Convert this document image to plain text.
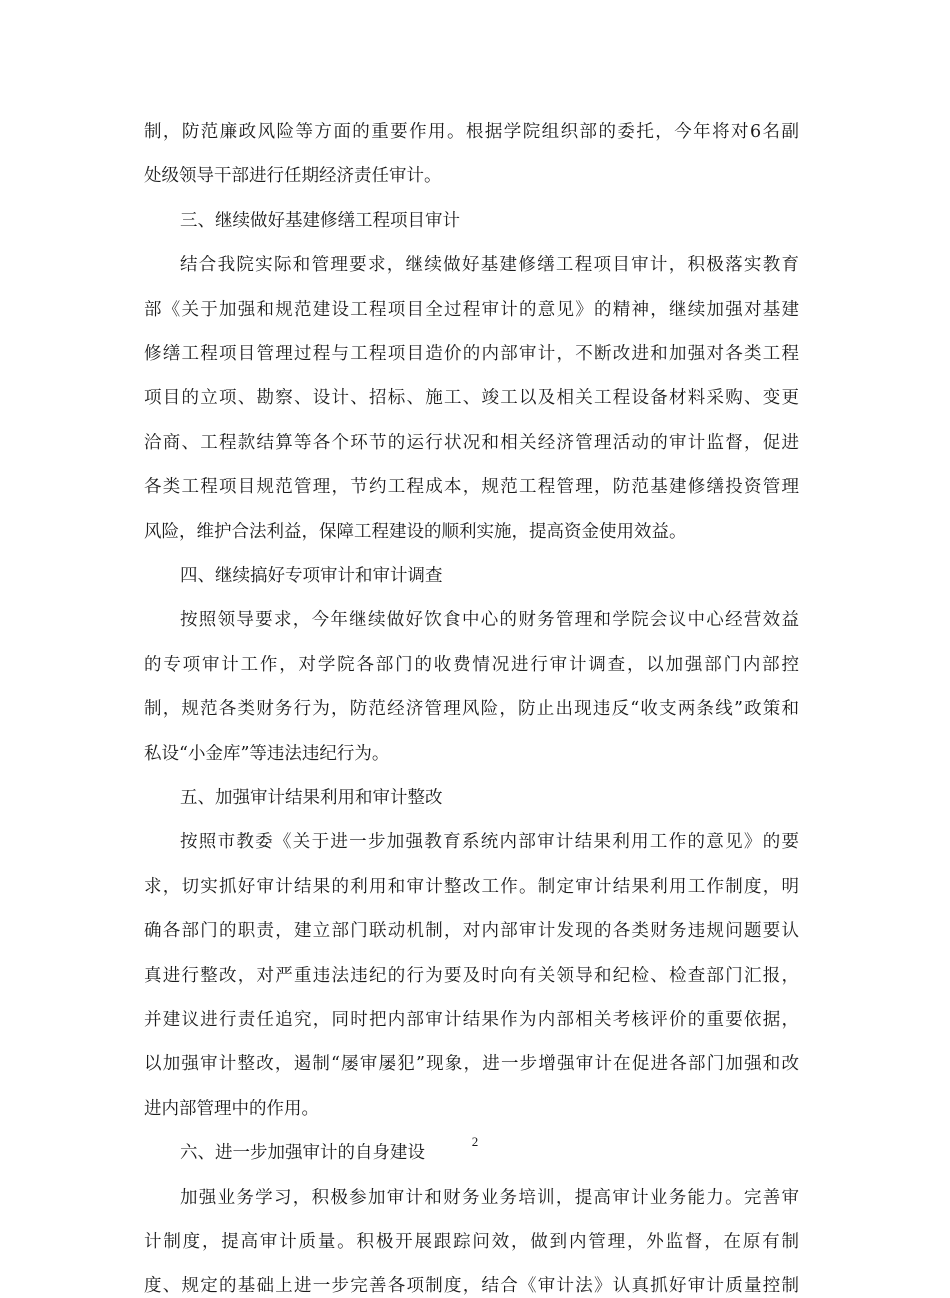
制，防范廉政风险等方面的重要作用。根据学院组织部的委托，今年将对6名副
处级领导干部进行任期经济责任审计。
三、继续做好基建修缮工程项目审计
结合我院实际和管理要求，继续做好基建修缮工程项目审计，积极落实教育
部《关于加强和规范建设工程项目全过程审计的意见》的精神，继续加强对基建
修缮工程项目管理过程与工程项目造价的内部审计，不断改进和加强对各类工程
项目的立项、勘察、设计、招标、施工、竣工以及相关工程设备材料采购、变更
洽商、工程款结算等各个环节的运行状况和相关经济管理活动的审计监督，促进
各类工程项目规范管理，节约工程成本，规范工程管理，防范基建修缮投资管理
风险，维护合法利益，保障工程建设的顺利实施，提高资金使用效益。
四、继续搞好专项审计和审计调查
按照领导要求，今年继续做好饮食中心的财务管理和学院会议中心经营效益
的专项审计工作，对学院各部门的收费情况进行审计调查，以加强部门内部控
制，规范各类财务行为，防范经济管理风险，防止出现违反“收支两条线”政策和
私设“小金库”等违法违纪行为。
五、加强审计结果利用和审计整改
按照市教委《关于进一步加强教育系统内部审计结果利用工作的意见》的要
求，切实抓好审计结果的利用和审计整改工作。制定审计结果利用工作制度，明
确各部门的职责，建立部门联动机制，对内部审计发现的各类财务违规问题要认
真进行整改，对严重违法违纪的行为要及时向有关领导和纪检、检查部门汇报，
并建议进行责任追究，同时把内部审计结果作为内部相关考核评价的重要依据，
以加强审计整改，遏制“屡审屡犯”现象，进一步增强审计在促进各部门加强和改
进内部管理中的作用。
六、进一步加强审计的自身建设
加强业务学习，积极参加审计和财务业务培训，提高审计业务能力。完善审
计制度，提高审计质量。积极开展跟踪问效，做到内管理，外监督，在原有制
度、规定的基础上进一步完善各项制度，结合《审计法》认真抓好审计质量控制
2
